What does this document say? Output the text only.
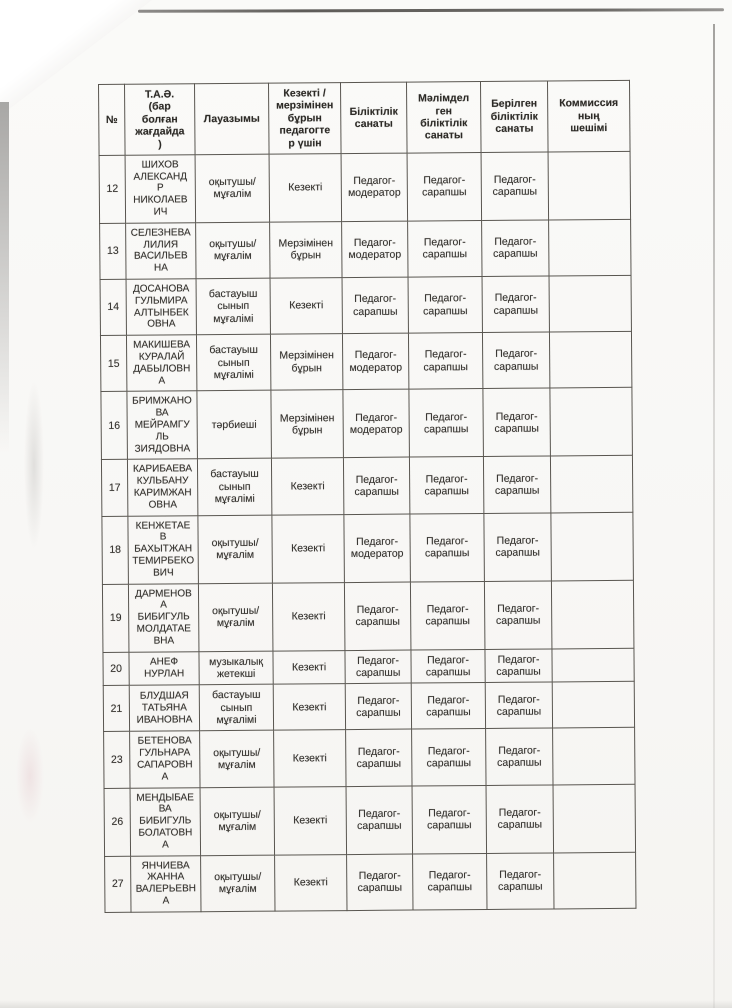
№	Т.А.Ә.
(бар
болған
жағдайда
)	Лауазымы	Кезекті /
мерзімінен
бұрын
педагогте
р үшін	Біліктілік
санаты	Мәлімдел
ген
біліктілік
санаты	Берілген
біліктілік
санаты	Коммиссия
ның
шешімі
12	ШИХОВ
АЛЕКСАНД
Р
НИКОЛАЕВ
ИЧ	оқытушы/
мұғалім	Кезекті	Педагог-
модератор	Педагог-
сарапшы	Педагог-
сарапшы	
13	СЕЛЕЗНЕВА
ЛИЛИЯ
ВАСИЛЬЕВ
НА	оқытушы/
мұғалім	Мерзімінен
бұрын	Педагог-
модератор	Педагог-
сарапшы	Педагог-
сарапшы	
14	ДОСАНОВА
ГУЛЬМИРА
АЛТЫНБЕК
ОВНА	бастауыш
сынып
мұғалімі	Кезекті	Педагог-
сарапшы	Педагог-
сарапшы	Педагог-
сарапшы	
15	МАКИШЕВА
КУРАЛАЙ
ДАБЫЛОВН
А	бастауыш
сынып
мұғалімі	Мерзімінен
бұрын	Педагог-
модератор	Педагог-
сарапшы	Педагог-
сарапшы	
16	БРИМЖАНО
ВА
МЕЙРАМГУ
ЛЬ
ЗИЯДОВНА	тәрбиеші	Мерзімінен
бұрын	Педагог-
модератор	Педагог-
сарапшы	Педагог-
сарапшы	
17	КАРИБАЕВА
КУЛЬБАНУ
КАРИМЖАН
ОВНА	бастауыш
сынып
мұғалімі	Кезекті	Педагог-
сарапшы	Педагог-
сарапшы	Педагог-
сарапшы	
18	КЕНЖЕТАЕ
В
БАХЫТЖАН
ТЕМИРБЕКО
ВИЧ	оқытушы/
мұғалім	Кезекті	Педагог-
модератор	Педагог-
сарапшы	Педагог-
сарапшы	
19	ДАРМЕНОВ
А
БИБИГУЛЬ
МОЛДАТАЕ
ВНА	оқытушы/
мұғалім	Кезекті	Педагог-
сарапшы	Педагог-
сарапшы	Педагог-
сарапшы	
20	АНЕФ
НУРЛАН	музыкалық
жетекші	Кезекті	Педагог-
сарапшы	Педагог-
сарапшы	Педагог-
сарапшы	
21	БЛУДШАЯ
ТАТЬЯНА
ИВАНОВНА	бастауыш
сынып
мұғалімі	Кезекті	Педагог-
сарапшы	Педагог-
сарапшы	Педагог-
сарапшы	
23	БЕТЕНОВА
ГУЛЬНАРА
САПАРОВН
А	оқытушы/
мұғалім	Кезекті	Педагог-
сарапшы	Педагог-
сарапшы	Педагог-
сарапшы	
26	МЕНДЫБАЕ
ВА
БИБИГУЛЬ
БОЛАТОВН
А	оқытушы/
мұғалім	Кезекті	Педагог-
сарапшы	Педагог-
сарапшы	Педагог-
сарапшы	
27	ЯНЧИЕВА
ЖАННА
ВАЛЕРЬЕВН
А	оқытушы/
мұғалім	Кезекті	Педагог-
сарапшы	Педагог-
сарапшы	Педагог-
сарапшы	
